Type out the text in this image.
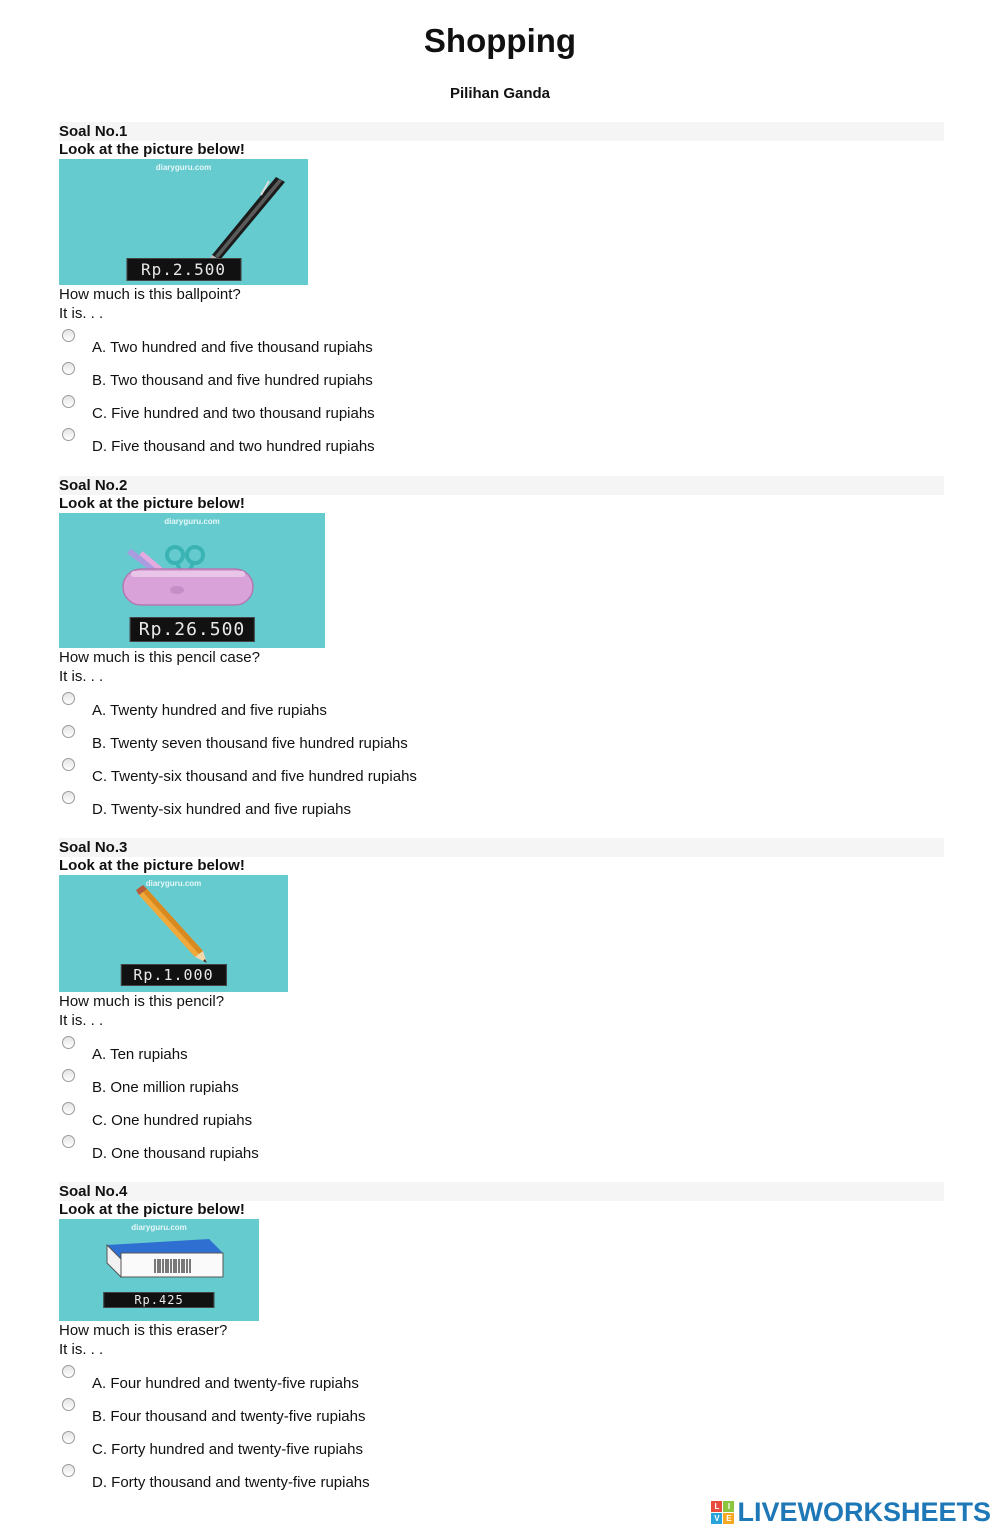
Shopping
Pilihan Ganda
Soal No.1
Look at the picture below!
diaryguru.com
Rp.2.500
How much is this ballpoint?
It is. . .
A. Two hundred and five thousand rupiahs
B. Two thousand and five hundred rupiahs
C. Five hundred and two thousand rupiahs
D. Five thousand and two hundred rupiahs
Soal No.2
Look at the picture below!
diaryguru.com
Rp.26.500
How much is this pencil case?
It is. . .
A. Twenty hundred and five rupiahs
B. Twenty seven thousand five hundred rupiahs
C. Twenty-six thousand and five hundred rupiahs
D. Twenty-six hundred and five rupiahs
Soal No.3
Look at the picture below!
diaryguru.com
Rp.1.000
How much is this pencil?
It is. . .
A. Ten rupiahs
B. One million rupiahs
C. One hundred rupiahs
D. One thousand rupiahs
Soal No.4
Look at the picture below!
diaryguru.com
Rp.425
How much is this eraser?
It is. . .
A. Four hundred and twenty-five rupiahs
B. Four thousand and twenty-five rupiahs
C. Forty hundred and twenty-five rupiahs
D. Forty thousand and twenty-five rupiahs
L	I
V E LIVEWORKSHEETS
